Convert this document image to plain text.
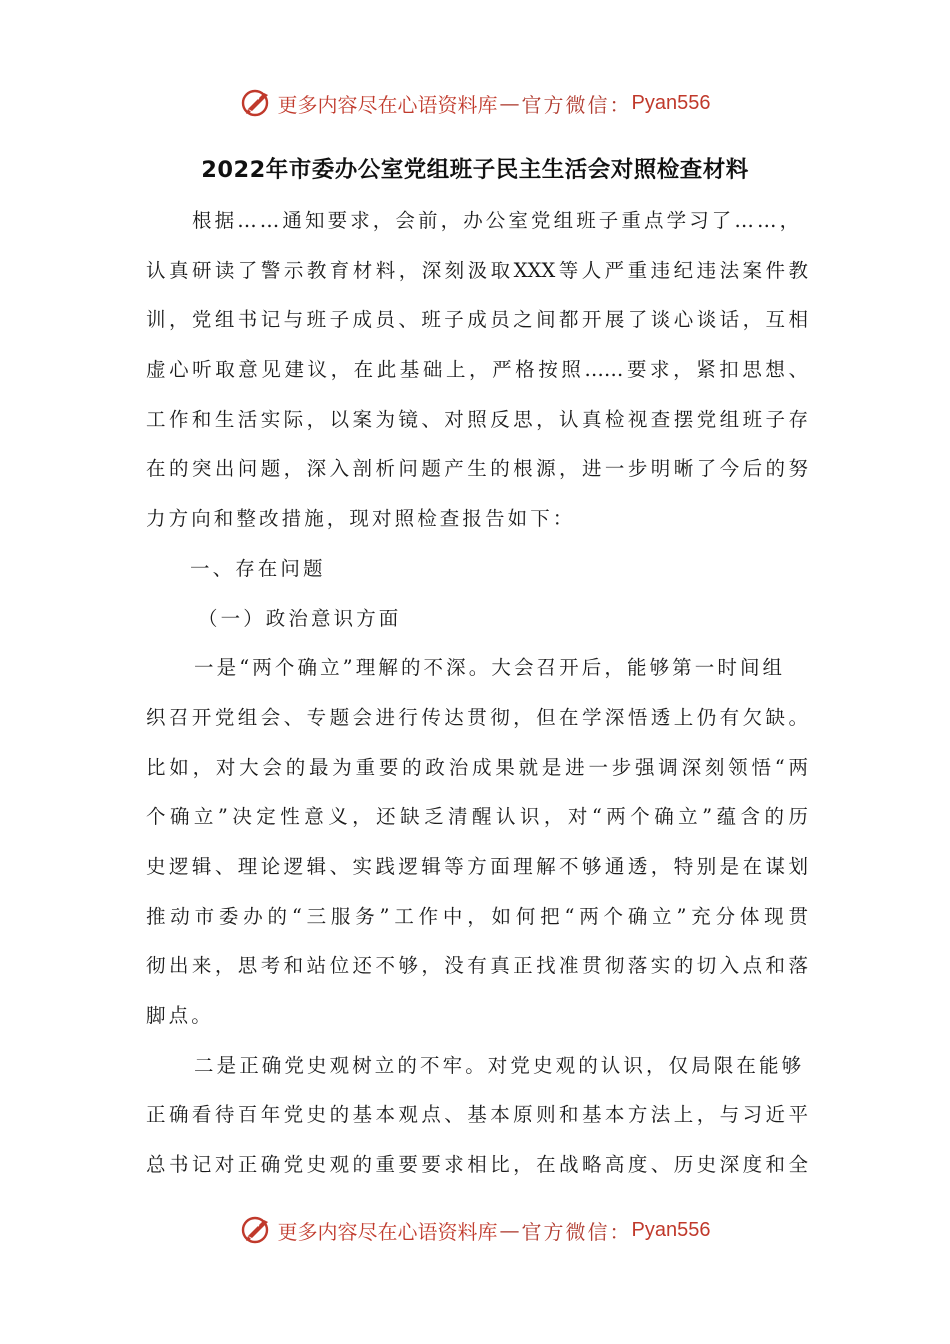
更多内容尽在心语资料库 — 官方微信： Pyan556
2022年市委办公室党组班子民主生活会对照检查材料
根据……通知要求，会前，办公室党组班子重点学习了……，
认真研读了警示教育材料，深刻汲取XXX等人严重违纪违法案件教
训，党组书记与班子成员、班子成员之间都开展了谈心谈话，互相
虚心听取意见建议，在此基础上，严格按照……要求，紧扣思想、
工作和生活实际，以案为镜、对照反思，认真检视查摆党组班子存
在的突出问题，深入剖析问题产生的根源，进一步明晰了今后的努
力方向和整改措施，现对照检查报告如下：
一、存在问题
（一）政治意识方面
一是“两个确立”理解的不深。大会召开后，能够第一时间组
织召开党组会、专题会进行传达贯彻，但在学深悟透上仍有欠缺。
比如，对大会的最为重要的政治成果就是进一步强调深刻领悟“两
个确立”决定性意义，还缺乏清醒认识，对“两个确立”蕴含的历
史逻辑、理论逻辑、实践逻辑等方面理解不够通透，特别是在谋划
推动市委办的“三服务”工作中，如何把“两个确立”充分体现贯
彻出来，思考和站位还不够，没有真正找准贯彻落实的切入点和落
脚点。
二是正确党史观树立的不牢。对党史观的认识，仅局限在能够
正确看待百年党史的基本观点、基本原则和基本方法上，与习近平
总书记对正确党史观的重要要求相比，在战略高度、历史深度和全
更多内容尽在心语资料库 — 官方微信： Pyan556
